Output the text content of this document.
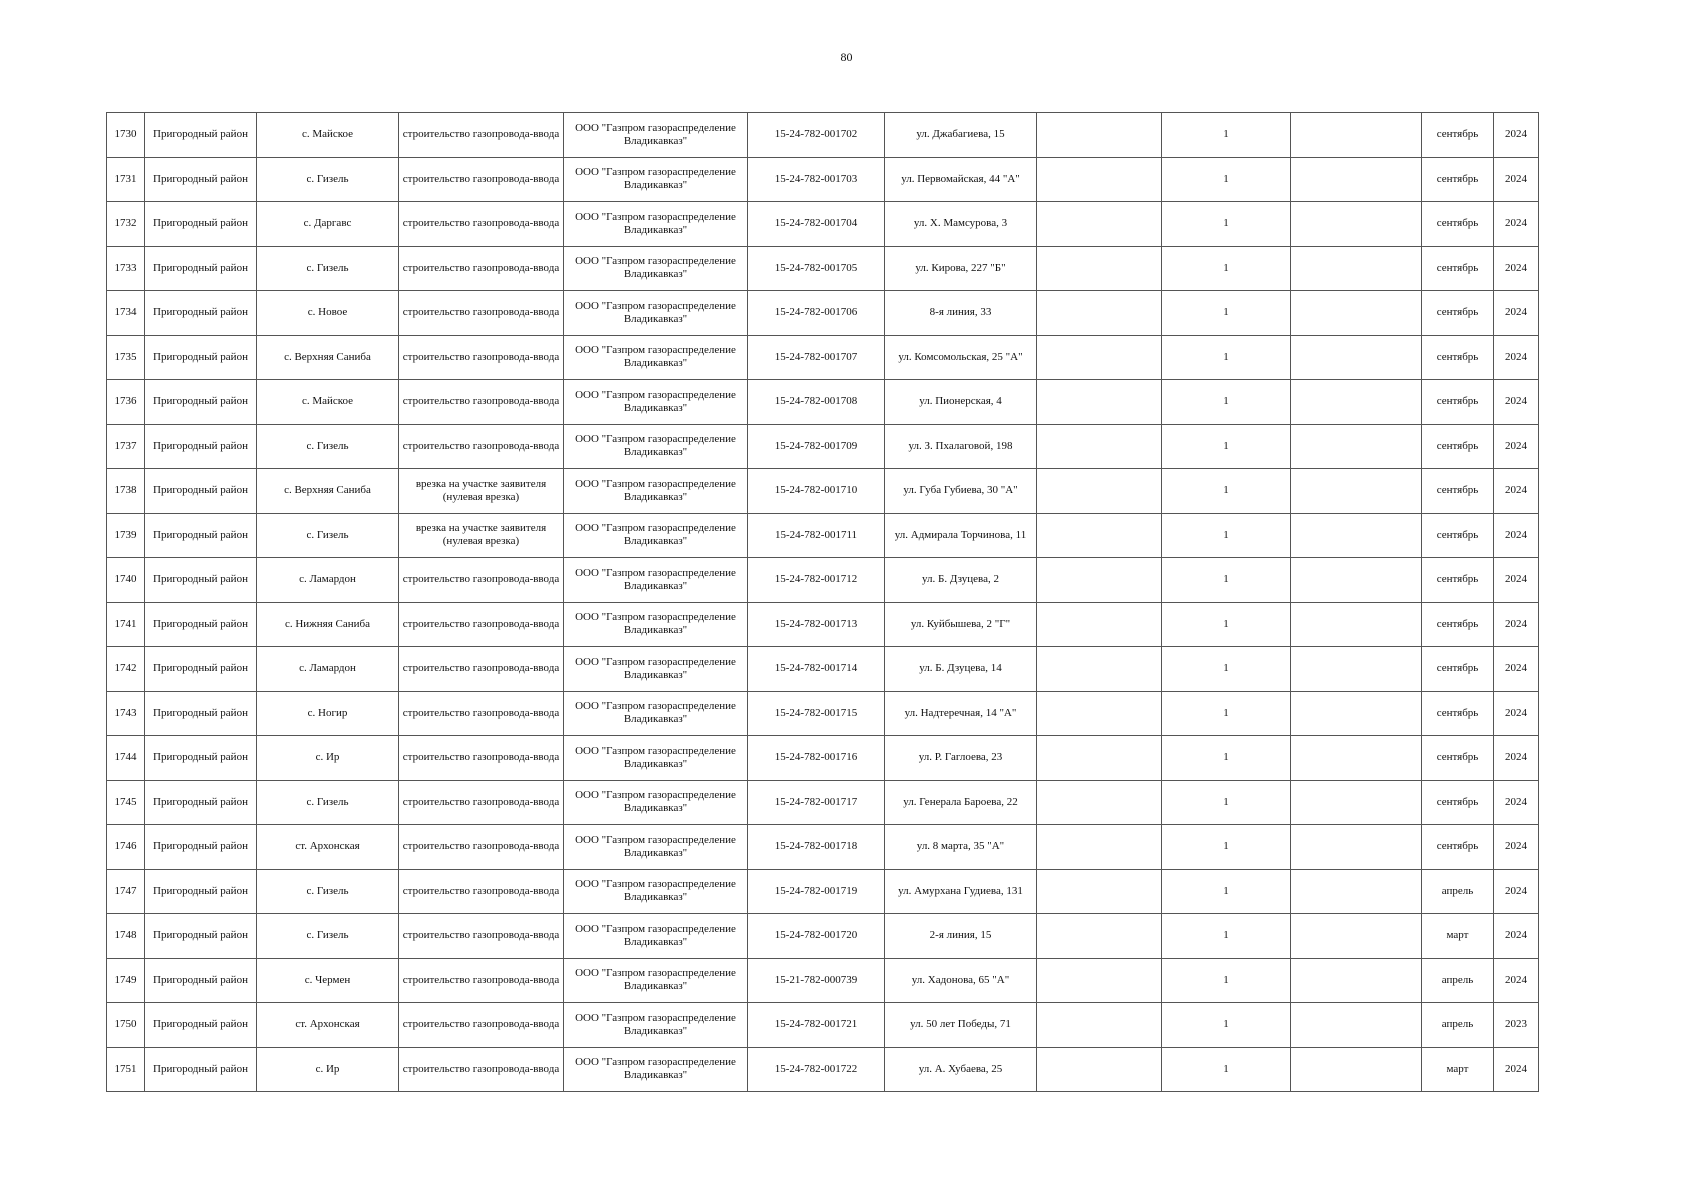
80
1730	Пригородный район	с. Майское	строительство газопровода-ввода	ООО "Газпром газораспределение Владикавказ"	15-24-782-001702	ул. Джабагиева, 15		1		сентябрь	2024
1731	Пригородный район	с. Гизель	строительство газопровода-ввода	ООО "Газпром газораспределение Владикавказ"	15-24-782-001703	ул. Первомайская, 44 "А"		1		сентябрь	2024
1732	Пригородный район	с. Даргавс	строительство газопровода-ввода	ООО "Газпром газораспределение Владикавказ"	15-24-782-001704	ул. Х. Мамсурова, 3		1		сентябрь	2024
1733	Пригородный район	с. Гизель	строительство газопровода-ввода	ООО "Газпром газораспределение Владикавказ"	15-24-782-001705	ул. Кирова, 227 "Б"		1		сентябрь	2024
1734	Пригородный район	с. Новое	строительство газопровода-ввода	ООО "Газпром газораспределение Владикавказ"	15-24-782-001706	8-я линия, 33		1		сентябрь	2024
1735	Пригородный район	с. Верхняя Саниба	строительство газопровода-ввода	ООО "Газпром газораспределение Владикавказ"	15-24-782-001707	ул. Комсомольская, 25 "А"		1		сентябрь	2024
1736	Пригородный район	с. Майское	строительство газопровода-ввода	ООО "Газпром газораспределение Владикавказ"	15-24-782-001708	ул. Пионерская, 4		1		сентябрь	2024
1737	Пригородный район	с. Гизель	строительство газопровода-ввода	ООО "Газпром газораспределение Владикавказ"	15-24-782-001709	ул. З. Пхалаговой, 198		1		сентябрь	2024
1738	Пригородный район	с. Верхняя Саниба	врезка на участке заявителя (нулевая врезка)	ООО "Газпром газораспределение Владикавказ"	15-24-782-001710	ул. Губа Губиева, 30 "А"		1		сентябрь	2024
1739	Пригородный район	с. Гизель	врезка на участке заявителя (нулевая врезка)	ООО "Газпром газораспределение Владикавказ"	15-24-782-001711	ул. Адмирала Торчинова, 11		1		сентябрь	2024
1740	Пригородный район	с. Ламардон	строительство газопровода-ввода	ООО "Газпром газораспределение Владикавказ"	15-24-782-001712	ул. Б. Дзуцева, 2		1		сентябрь	2024
1741	Пригородный район	с. Нижняя Саниба	строительство газопровода-ввода	ООО "Газпром газораспределение Владикавказ"	15-24-782-001713	ул. Куйбышева, 2 "Г"		1		сентябрь	2024
1742	Пригородный район	с. Ламардон	строительство газопровода-ввода	ООО "Газпром газораспределение Владикавказ"	15-24-782-001714	ул. Б. Дзуцева, 14		1		сентябрь	2024
1743	Пригородный район	с. Ногир	строительство газопровода-ввода	ООО "Газпром газораспределение Владикавказ"	15-24-782-001715	ул. Надтеречная, 14 "А"		1		сентябрь	2024
1744	Пригородный район	с. Ир	строительство газопровода-ввода	ООО "Газпром газораспределение Владикавказ"	15-24-782-001716	ул. Р. Гаглоева, 23		1		сентябрь	2024
1745	Пригородный район	с. Гизель	строительство газопровода-ввода	ООО "Газпром газораспределение Владикавказ"	15-24-782-001717	ул. Генерала Бароева, 22		1		сентябрь	2024
1746	Пригородный район	ст. Архонская	строительство газопровода-ввода	ООО "Газпром газораспределение Владикавказ"	15-24-782-001718	ул. 8 марта, 35 "А"		1		сентябрь	2024
1747	Пригородный район	с. Гизель	строительство газопровода-ввода	ООО "Газпром газораспределение Владикавказ"	15-24-782-001719	ул. Амурхана Гудиева, 131		1		апрель	2024
1748	Пригородный район	с. Гизель	строительство газопровода-ввода	ООО "Газпром газораспределение Владикавказ"	15-24-782-001720	2-я линия, 15		1		март	2024
1749	Пригородный район	с. Чермен	строительство газопровода-ввода	ООО "Газпром газораспределение Владикавказ"	15-21-782-000739	ул. Хадонова, 65 "А"		1		апрель	2024
1750	Пригородный район	ст. Архонская	строительство газопровода-ввода	ООО "Газпром газораспределение Владикавказ"	15-24-782-001721	ул. 50 лет Победы, 71		1		апрель	2023
1751	Пригородный район	с. Ир	строительство газопровода-ввода	ООО "Газпром газораспределение Владикавказ"	15-24-782-001722	ул. А. Хубаева, 25		1		март	2024
